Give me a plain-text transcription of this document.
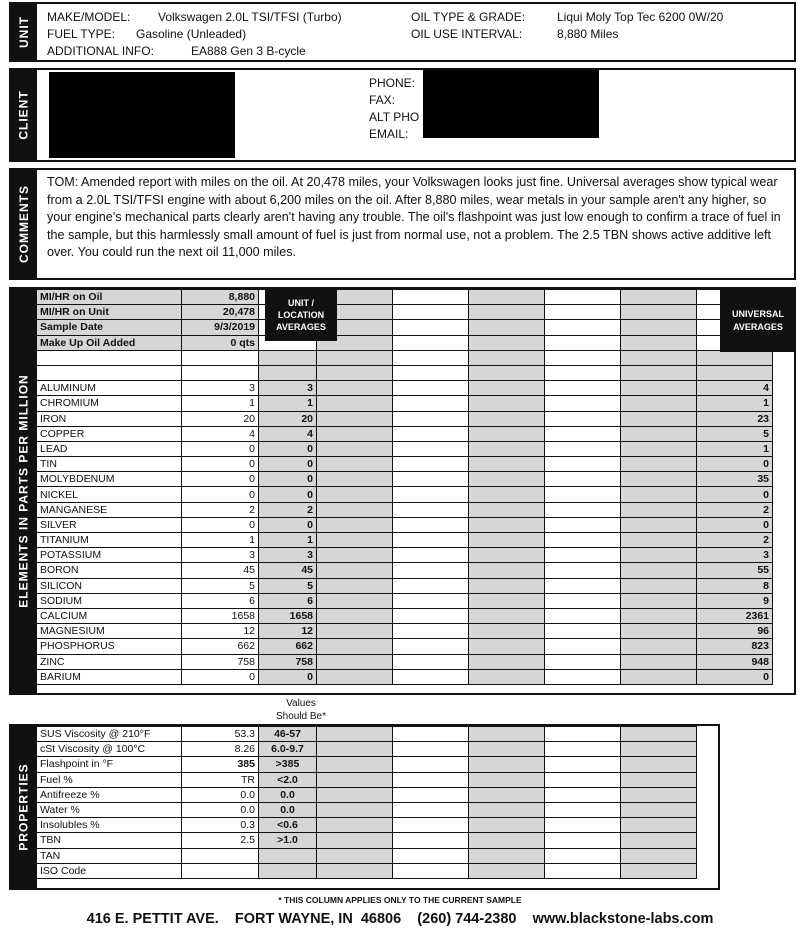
UNIT MAKE/MODEL: Volkswagen 2.0L TSI/TFSI (Turbo)
FUEL TYPE: Gasoline (Unleaded)
ADDITIONAL INFO:	EA888 Gen 3 B-cycle
OIL TYPE & GRADE:	Liqui Moly Top Tec 6200 0W/20
OIL USE INTERVAL:	8,880 Miles
CLIENT
PHONE:
FAX:
ALT PHO
EMAIL:
COMMENTS
TOM: Amended report with miles on the oil. At 20,478 miles, your Volkswagen looks just fine. Universal averages show typical wear from a 2.0L TSI/TFSI engine with about 6,200 miles on the oil. After 8,880 miles, wear metals in your sample aren't any higher, so your engine's mechanical parts clearly aren't having any trouble. The oil's flashpoint was just low enough to confirm a trace of fuel in the sample, but this harmlessly small amount of fuel is just from normal use, not a problem. The 2.5 TBN shows active additive left over. You could run the next oil 11,000 miles.
ELEMENTS IN PARTS PER MILLION
MI/HR on Oil	8,880							
MI/HR on Unit	20,478							
Sample Date	9/3/2019							
Make Up Oil Added	0 qts							

ALUMINUM	3	3						4
CHROMIUM	1	1						1
IRON	20	20						23
COPPER	4	4						5
LEAD	0	0						1
TIN	0	0						0
MOLYBDENUM	0	0						35
NICKEL	0	0						0
MANGANESE	2	2						2
SILVER	0	0						0
TITANIUM	1	1						2
POTASSIUM	3	3						3
BORON	45	45						55
SILICON	5	5						8
SODIUM	6	6						9
CALCIUM	1658	1658						2361
MAGNESIUM	12	12						96
PHOSPHORUS	662	662						823
ZINC	758	758						948
BARIUM	0	0						0
UNIT / LOCATION AVERAGES
UNIVERSAL AVERAGES
Values
Should Be*
PROPERTIES
SUS Viscosity @ 210°F	53.3	46-57					
cSt Viscosity @ 100°C	8.26	6.0-9.7					
Flashpoint in °F	385	>385					
Fuel %	TR	<2.0					
Antifreeze %	0.0	0.0					
Water %	0.0	0.0					
Insolubles %	0.3	<0.6					
TBN	2.5	>1.0					
TAN							
ISO Code							
* THIS COLUMN APPLIES ONLY TO THE CURRENT SAMPLE
416 E. PETTIT AVE.    FORT WAYNE, IN  46806    (260) 744-2380    www.blackstone-labs.com
